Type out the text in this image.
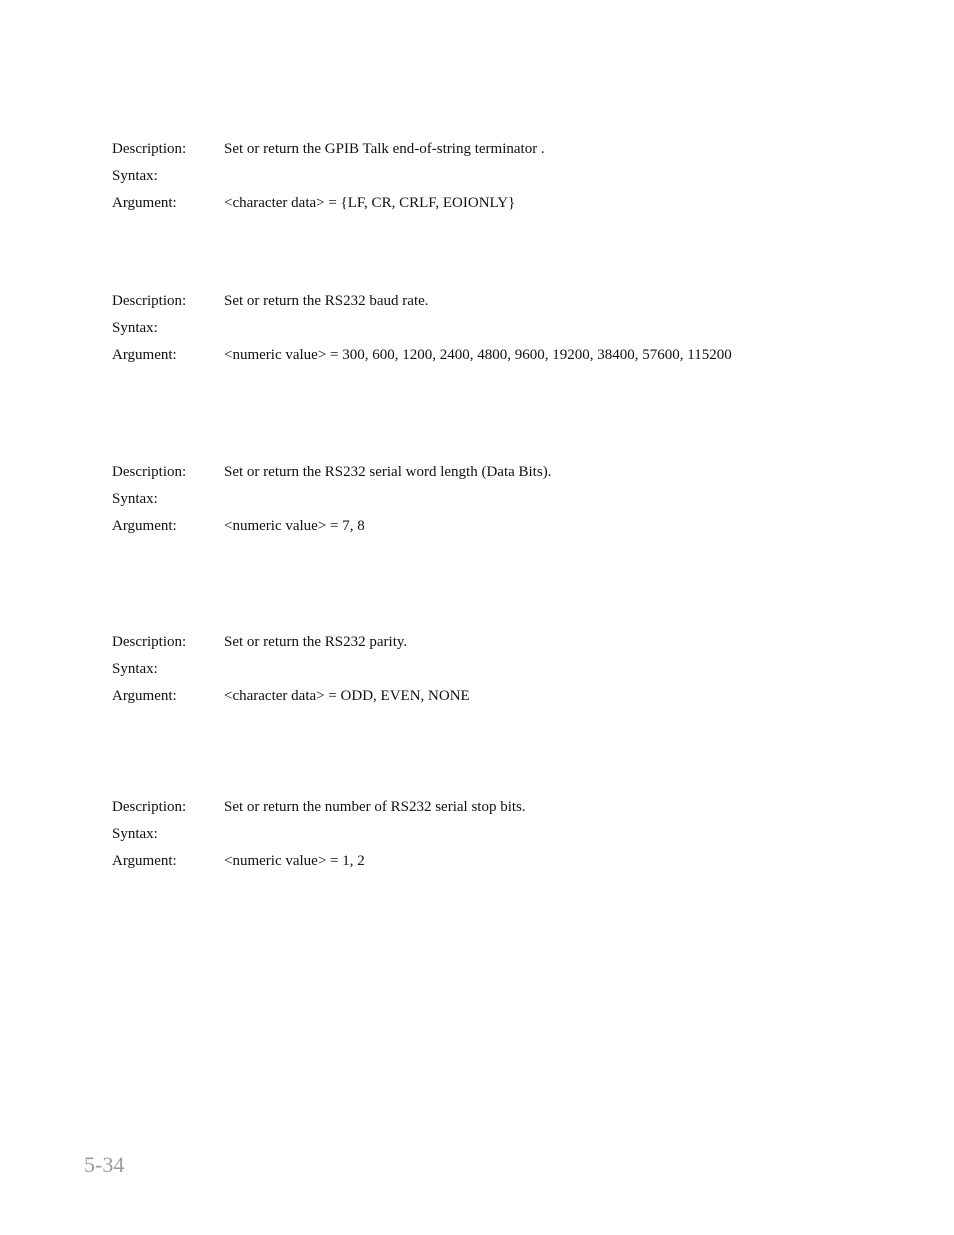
Description:	Set or return the GPIB Talk end-of-string terminator .
Syntax:
Argument:	<character data> = {LF, CR, CRLF, EOIONLY}
Description:	Set or return the RS232 baud rate.
Syntax:
Argument:	<numeric value> = 300, 600, 1200, 2400, 4800, 9600, 19200, 38400, 57600, 115200
Description:	Set or return the RS232 serial word length (Data Bits).
Syntax:
Argument:	<numeric value> = 7, 8
Description:	Set or return the RS232 parity.
Syntax:
Argument:	<character data> = ODD, EVEN, NONE
Description:	Set or return the number of RS232 serial stop bits.
Syntax:
Argument:	<numeric value> = 1, 2
5-34
